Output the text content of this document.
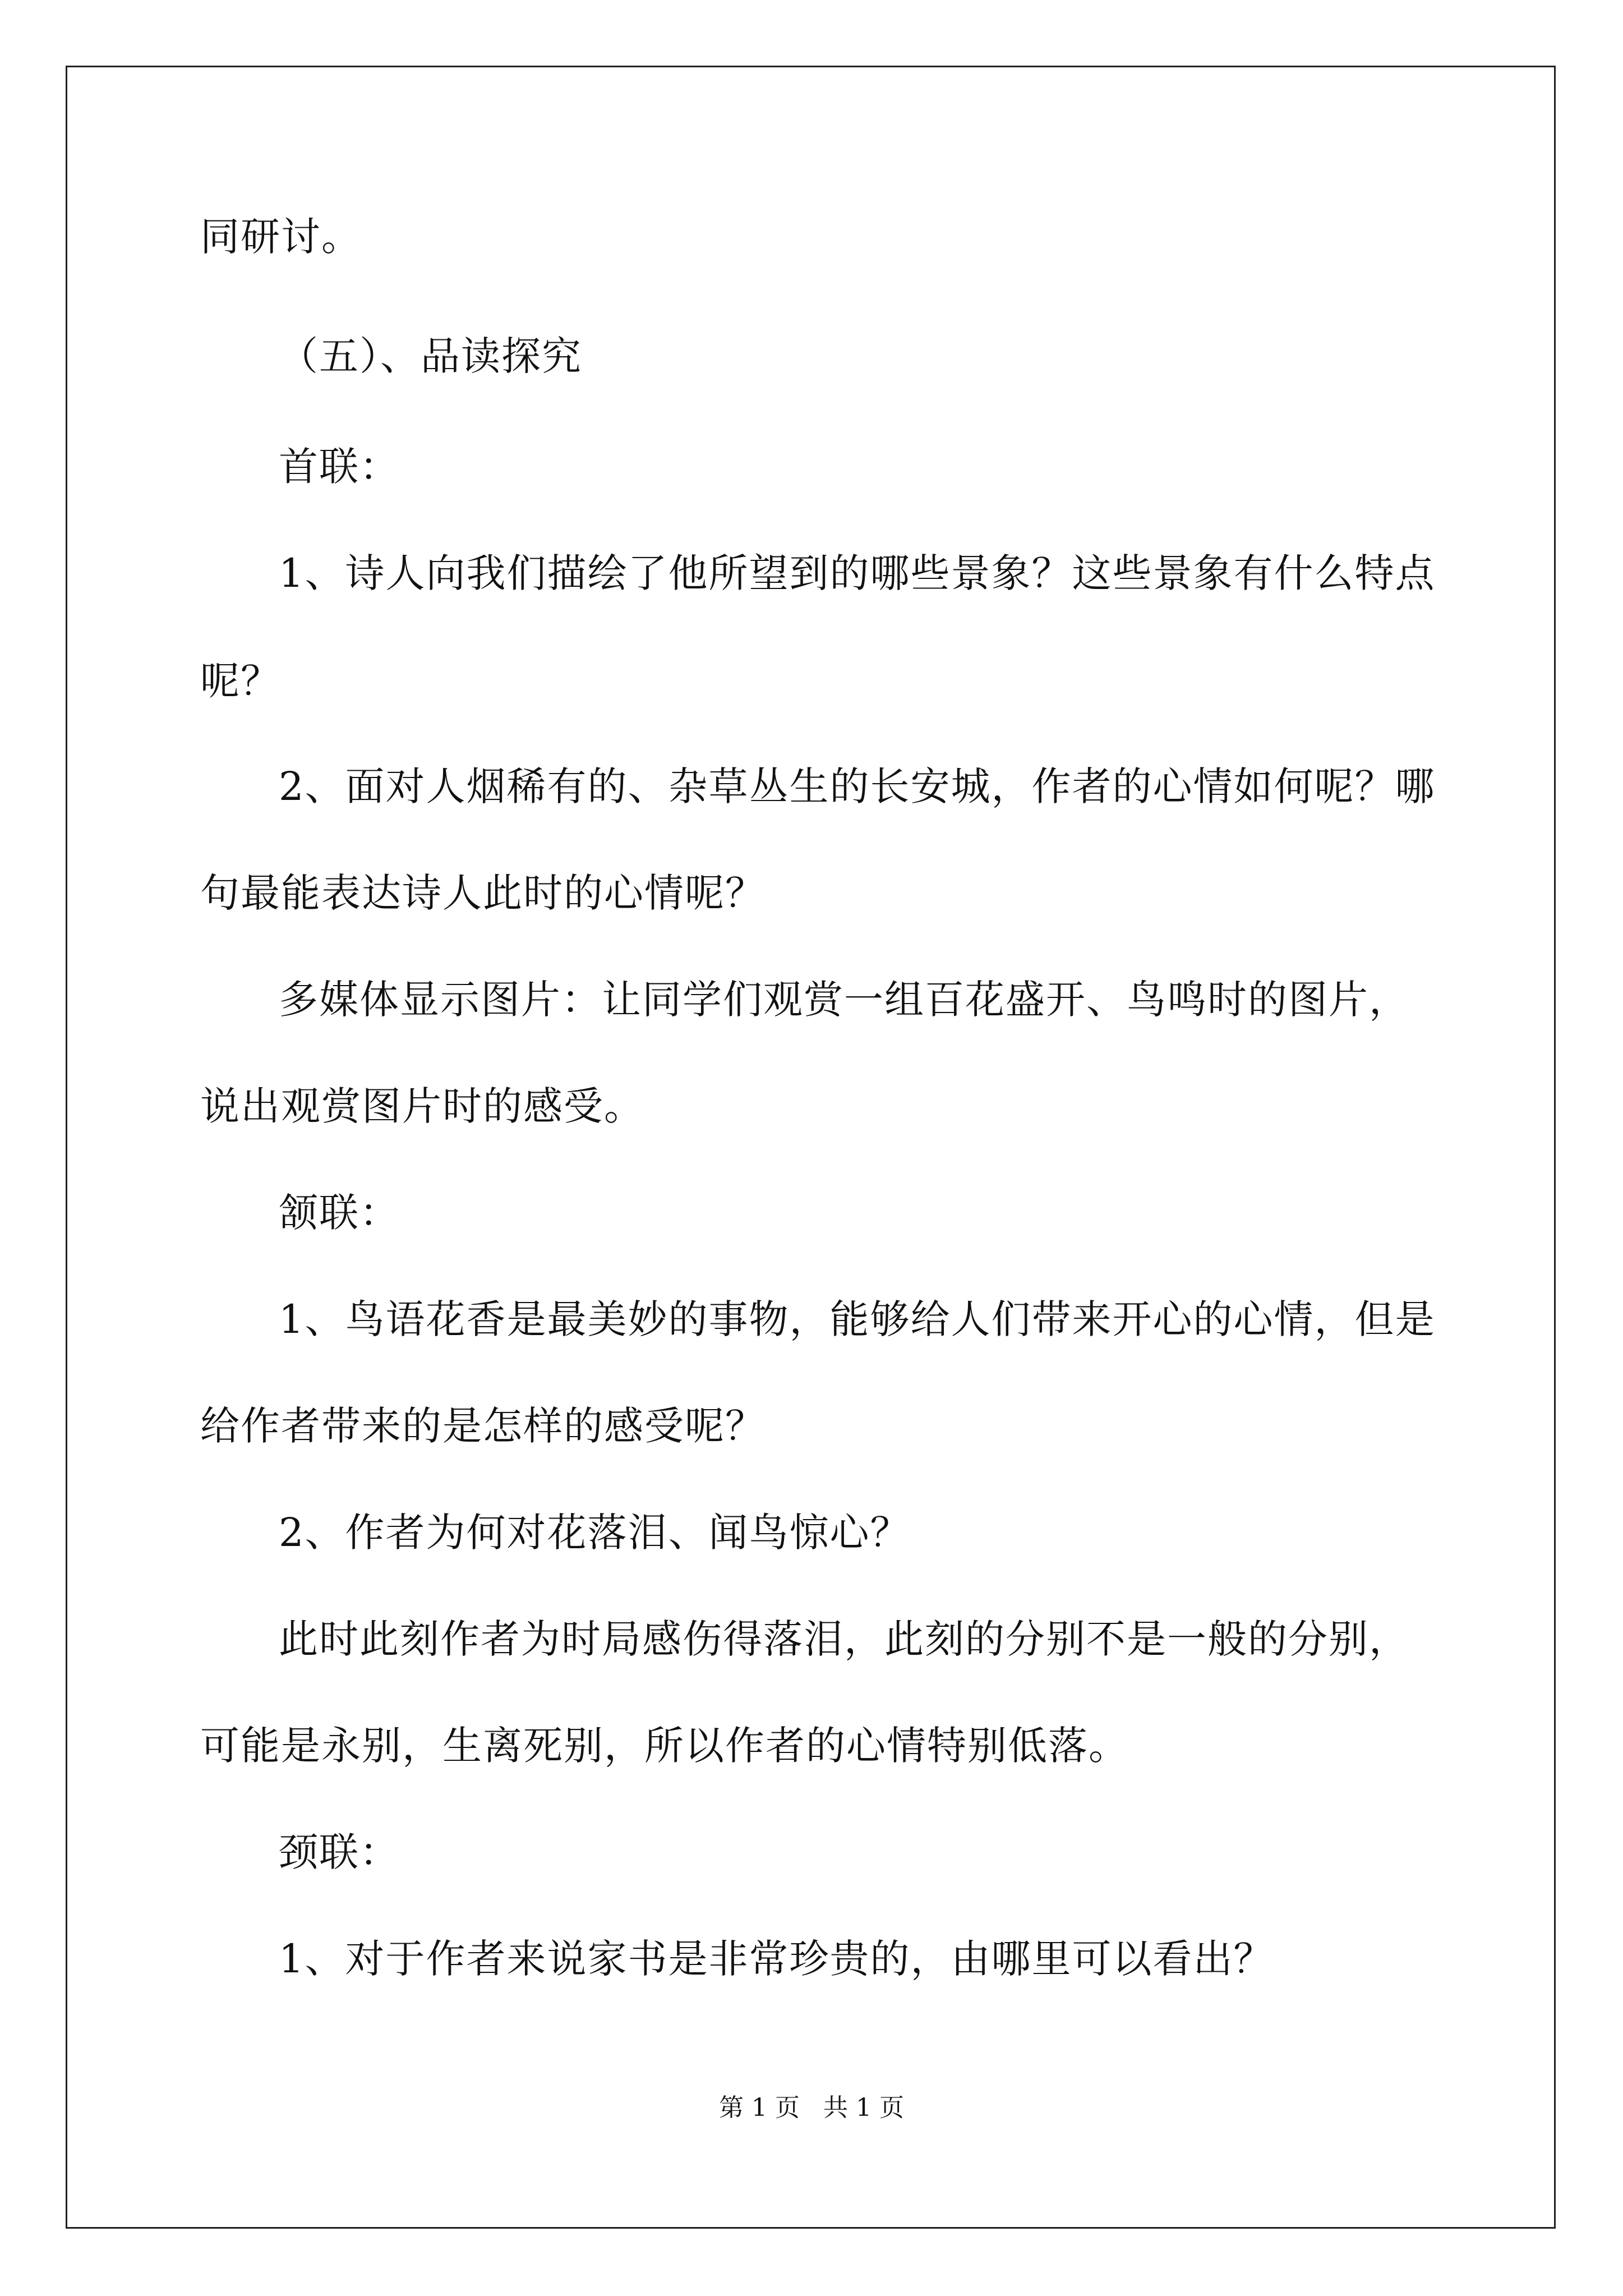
同研讨。
（五）、品读探究
首联：
1、诗人向我们描绘了他所望到的哪些景象？这些景象有什么特点
呢？
2、面对人烟稀有的、杂草丛生的长安城，作者的心情如何呢？哪
句最能表达诗人此时的心情呢？
多媒体显示图片：让同学们观赏一组百花盛开、鸟鸣时的图片，
说出观赏图片时的感受。
颔联：
1、鸟语花香是最美妙的事物，能够给人们带来开心的心情，但是
给作者带来的是怎样的感受呢？
2、作者为何对花落泪、闻鸟惊心？
此时此刻作者为时局感伤得落泪，此刻的分别不是一般的分别，
可能是永别，生离死别，所以作者的心情特别低落。
颈联：
1、对于作者来说家书是非常珍贵的，由哪里可以看出？
第 1 页   共 1 页
